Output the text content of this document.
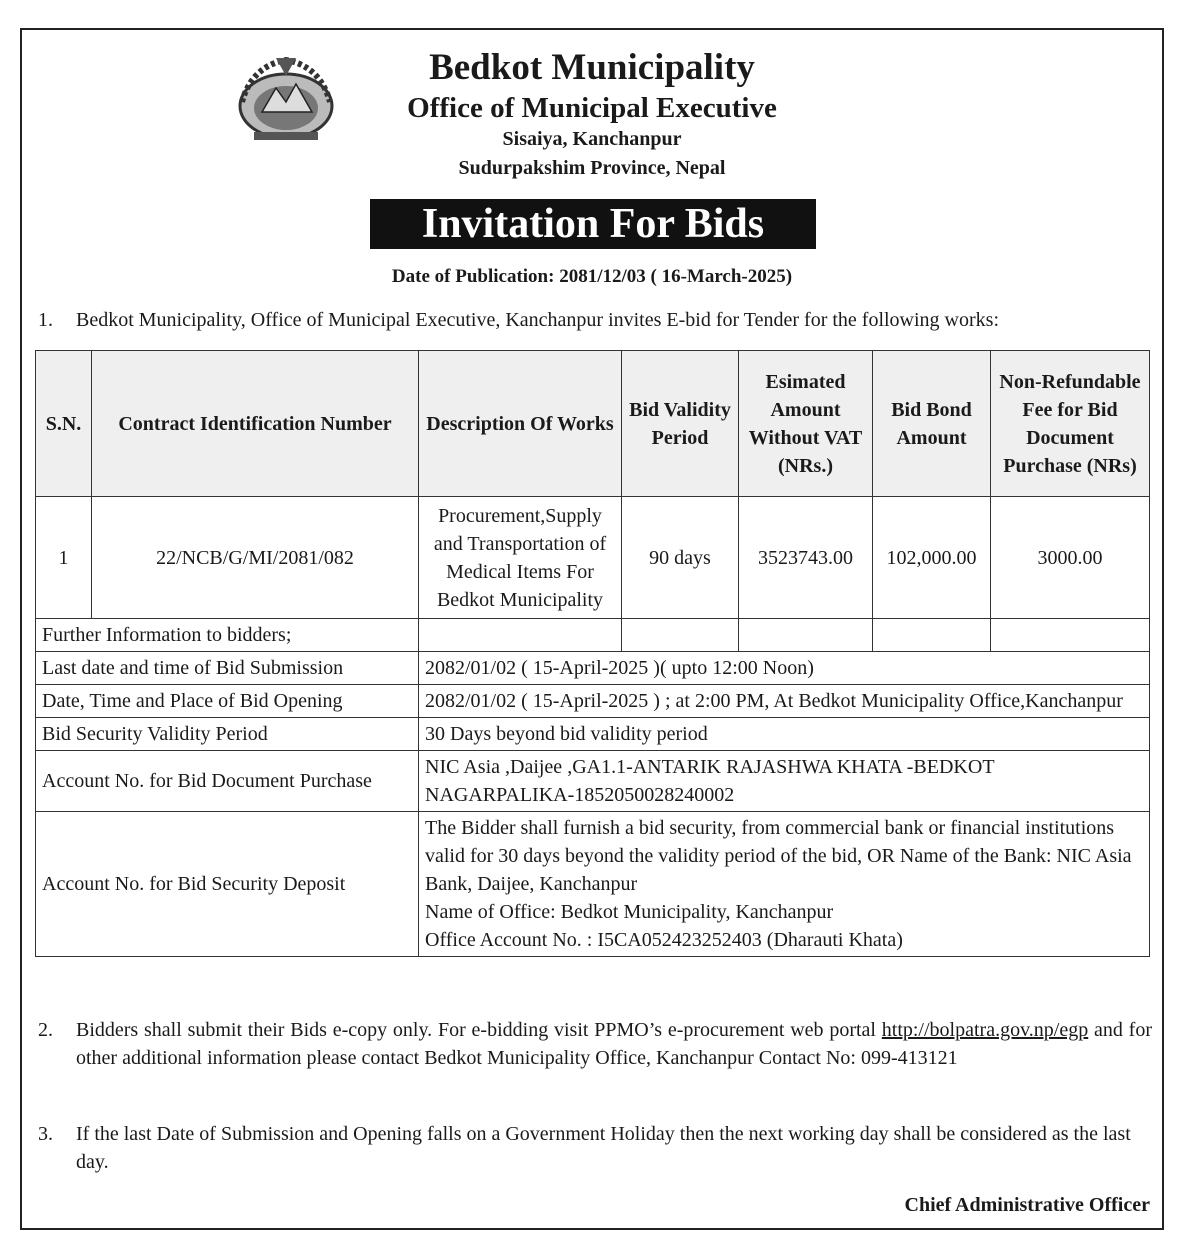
Bedkot Municipality
Office of Municipal Executive
Sisaiya, Kanchanpur
Sudurpakshim Province, Nepal
Invitation For Bids
Date of Publication: 2081/12/03 ( 16-March-2025)
1. Bedkot Municipality, Office of Municipal Executive, Kanchanpur invites E-bid for Tender for the following works:
S.N.	Contract Identification Number	Description Of Works	Bid Validity Period	Esimated Amount Without VAT (NRs.)	Bid Bond Amount	Non-Refundable Fee for Bid Document Purchase (NRs)
1	22/NCB/G/MI/2081/082	Procurement,Supply and Transportation of Medical Items For Bedkot Municipality	90 days	3523743.00	102,000.00	3000.00
Further Information to bidders;						
Last date and time of Bid Submission		2082/01/02 ( 15-April-2025 )( upto 12:00 Noon)				
Date, Time and Place of Bid Opening		2082/01/02 ( 15-April-2025 ) ; at 2:00 PM, At Bedkot Municipality Office,Kanchanpur				
Bid Security Validity Period		30 Days beyond bid validity period				
Account No. for Bid Document Purchase		NIC Asia ,Daijee ,GA1.1-ANTARIK RAJASHWA KHATA -BEDKOT NAGARPALIKA-1852050028240002				
Account No. for Bid Security Deposit		The Bidder shall furnish a bid security, from commercial bank or financial institutions valid for 30 days beyond the validity period of the bid, OR Name of the Bank: NIC Asia Bank, Daijee, Kanchanpur
Name of Office: Bedkot Municipality, Kanchanpur
Office Account No. : I5CA052423252403 (Dharauti Khata)				
2. Bidders shall submit their Bids e-copy only. For e-bidding visit PPMO’s e-procurement web portal http://bolpatra.gov.np/egp and for other additional information please contact Bedkot Municipality Office, Kanchanpur Contact No: 099-413121
3. If the last Date of Submission and Opening falls on a Government Holiday then the next working day shall be considered as the last day.
Chief Administrative Officer
